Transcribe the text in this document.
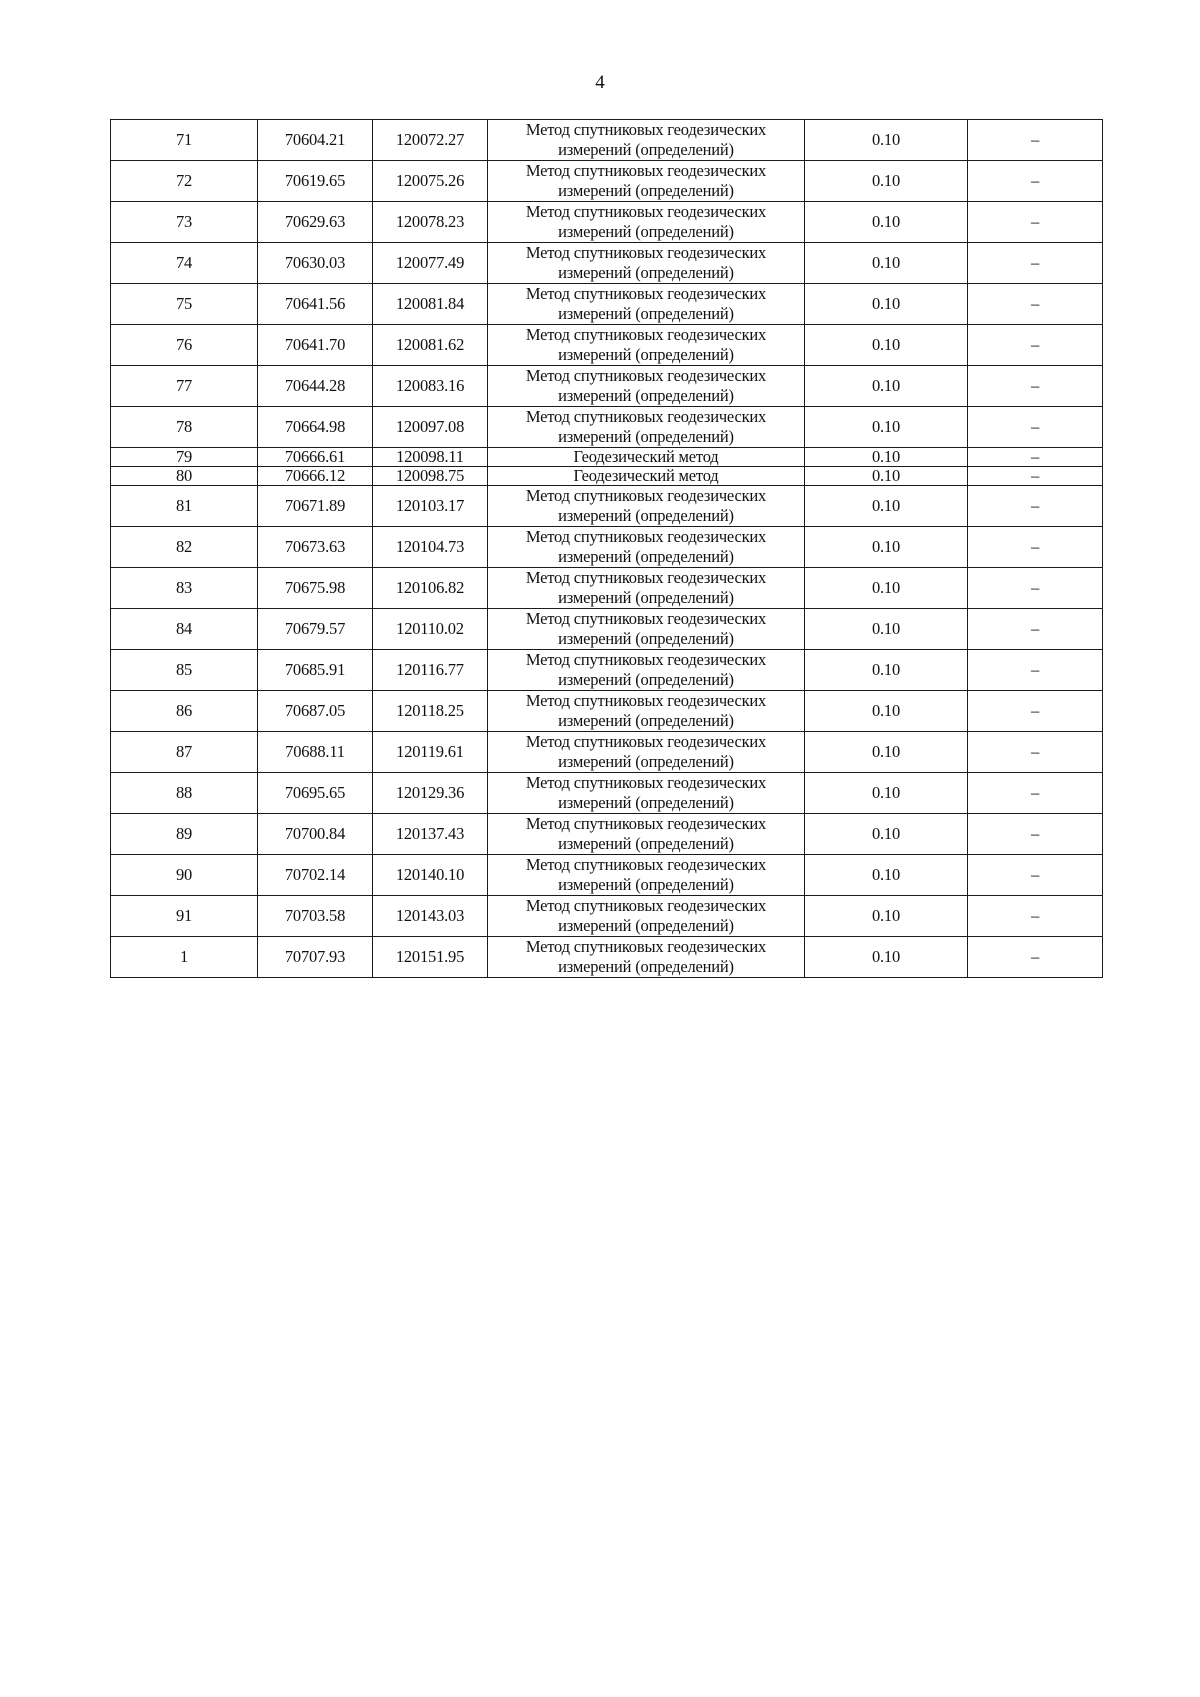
4
71	70604.21	120072.27	Метод спутниковых геодезических измерений (определений)	0.10	–
72	70619.65	120075.26	Метод спутниковых геодезических измерений (определений)	0.10	–
73	70629.63	120078.23	Метод спутниковых геодезических измерений (определений)	0.10	–
74	70630.03	120077.49	Метод спутниковых геодезических измерений (определений)	0.10	–
75	70641.56	120081.84	Метод спутниковых геодезических измерений (определений)	0.10	–
76	70641.70	120081.62	Метод спутниковых геодезических измерений (определений)	0.10	–
77	70644.28	120083.16	Метод спутниковых геодезических измерений (определений)	0.10	–
78	70664.98	120097.08	Метод спутниковых геодезических измерений (определений)	0.10	–
79	70666.61	120098.11	Геодезический метод	0.10	–
80	70666.12	120098.75	Геодезический метод	0.10	–
81	70671.89	120103.17	Метод спутниковых геодезических измерений (определений)	0.10	–
82	70673.63	120104.73	Метод спутниковых геодезических измерений (определений)	0.10	–
83	70675.98	120106.82	Метод спутниковых геодезических измерений (определений)	0.10	–
84	70679.57	120110.02	Метод спутниковых геодезических измерений (определений)	0.10	–
85	70685.91	120116.77	Метод спутниковых геодезических измерений (определений)	0.10	–
86	70687.05	120118.25	Метод спутниковых геодезических измерений (определений)	0.10	–
87	70688.11	120119.61	Метод спутниковых геодезических измерений (определений)	0.10	–
88	70695.65	120129.36	Метод спутниковых геодезических измерений (определений)	0.10	–
89	70700.84	120137.43	Метод спутниковых геодезических измерений (определений)	0.10	–
90	70702.14	120140.10	Метод спутниковых геодезических измерений (определений)	0.10	–
91	70703.58	120143.03	Метод спутниковых геодезических измерений (определений)	0.10	–
1	70707.93	120151.95	Метод спутниковых геодезических измерений (определений)	0.10	–
